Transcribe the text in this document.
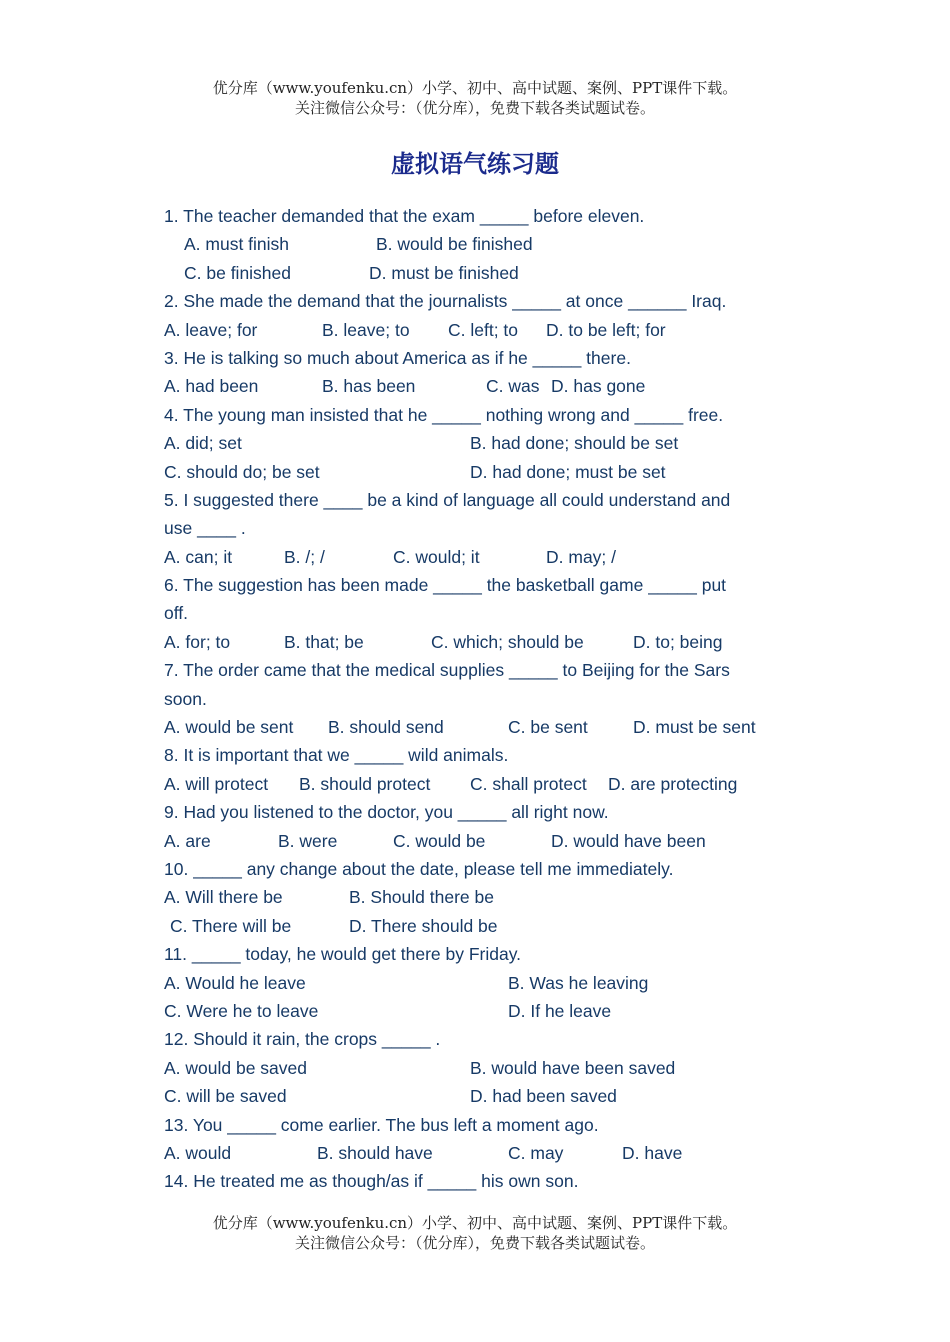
优分库（www.youfenku.cn）小学、初中、高中试题、案例、PPT课件下载。
关注微信公众号：（优分库），免费下载各类试题试卷。
虚拟语气练习题
1. The teacher demanded that the exam _____ before eleven.
A. must finish	B. would be finished
C. be finished	D. must be finished
2. She made the demand that the journalists _____ at once ______ Iraq.
A. leave; for	B. leave; to C. left; to D. to be left; for
3. He is talking so much about America as if he _____ there.
A. had been	B. has been	C. was D. has gone
4. The young man insisted that he _____ nothing wrong and _____ free.
A. did; set	B. had done; should be set
C. should do; be set	D. had done; must be set
5. I suggested there ____ be a kind of language all could understand and
use ____ .
A. can; it	B. /; /	C. would; it	D. may; /
6. The suggestion has been made _____ the basketball game _____ put
off.
A. for; to	B. that; be	C. which; should be	D. to; being
7. The order came that the medical supplies _____ to Beijing for the Sars
soon.
A. would be sent B. should send	C. be sent	D. must be sent
8. It is important that we _____ wild animals.
A. will protect B. should protect C. shall protect D. are protecting
9. Had you listened to the doctor, you _____ all right now.
A. are	B. were	C. would be	D. would have been
10. _____ any change about the date, please tell me immediately.
A. Will there be	B. Should there be
C. There will be	D. There should be
11. _____ today, he would get there by Friday.
A. Would he leave	B. Was he leaving
C. Were he to leave	D. If he leave
12. Should it rain, the crops _____ .
A. would be saved	B. would have been saved
C. will be saved	D. had been saved
13. You _____ come earlier. The bus left a moment ago.
A. would	B. should have	C. may	D. have
14. He treated me as though/as if _____ his own son.
优分库（www.youfenku.cn）小学、初中、高中试题、案例、PPT课件下载。
关注微信公众号：（优分库），免费下载各类试题试卷。
